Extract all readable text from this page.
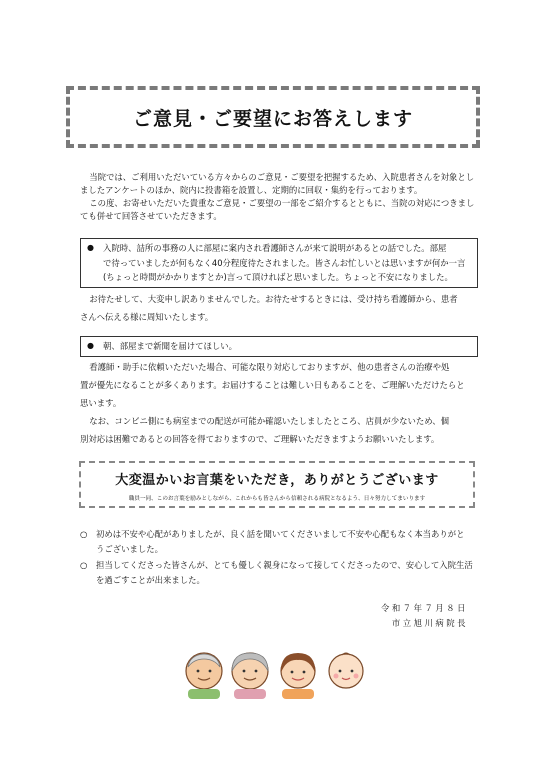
ご意見・ご要望にお答えします

当院では、ご利用いただいている方々からのご意見・ご要望を把握するため、入院患者さんを対象としましたアンケートのほか、院内に投書箱を設置し、定期的に回収・集約を行っております。

この度、お寄せいただいた貴重なご意見・ご要望の一部をご紹介するとともに、当院の対応につきましても併せて回答させていただきます。

●	入院時、詰所の事務の人に部屋に案内され看護師さんが来て説明があるとの話でした。部屋
で待っていましたが何もなく40分程度待たされました。皆さんお忙しいとは思いますが何か一言
(ちょっと時間がかかりますとか)言って頂ければと思いました。ちょっと不安になりました。

お待たせして、大変申し訳ありませんでした。お待たせするときには、受け持ち看護師から、患者

さんへ伝える様に周知いたします。

●	朝、部屋まで新聞を届けてほしい。

看護師・助手に依頼いただいた場合、可能な限り対応しておりますが、他の患者さんの治療や処

置が優先になることが多くあります。お届けすることは難しい日もあることを、ご理解いただけたらと

思います。

なお、コンビニ側にも病室までの配送が可能か確認いたしましたところ、店員が少ないため、個

別対応は困難であるとの回答を得ておりますので、ご理解いただきますようお願いいたします。

大変温かいお言葉をいただき，ありがとうございます
職員一同、このお言葉を励みとしながら、これからも皆さんから信頼される病院となるよう、日々努力してまいります
○	初めは不安や心配がありましたが、良く話を聞いてくださいまして不安や心配もなく本当ありがと
うございました。
○	担当してくださった皆さんが、とても優しく親身になって接してくださったので、安心して入院生活
を過ごすことが出来ました。
令和７年７月８日
市立旭川病院長
